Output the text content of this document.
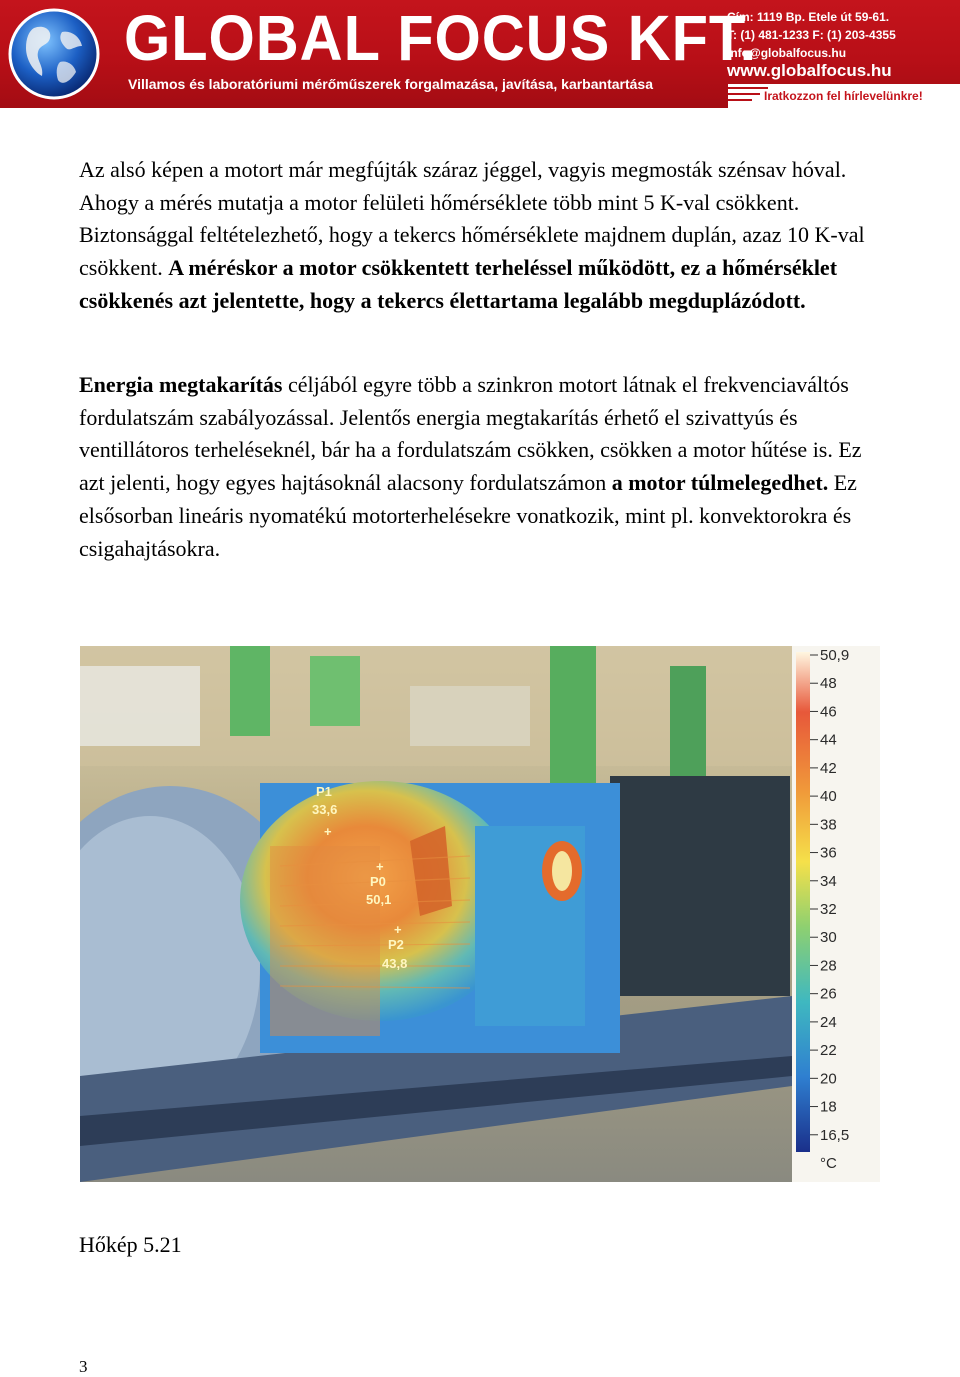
GLOBAL FOCUS KFT.
Villamos és laboratóriumi mérőműszerek forgalmazása, javítása, karbantartása
Cím: 1119 Bp. Etele út 59-61.
T: (1) 481-1233 F: (1) 203-4355
info@globalfocus.hu
www.globalfocus.hu
Iratkozzon fel hírlevelünkre!
Az alsó képen a motort már megfújták száraz jéggel, vagyis megmosták szénsav hóval. Ahogy a mérés mutatja a motor felületi hőmérséklete több mint 5 K-val csökkent. Biztonsággal feltételezhető, hogy a tekercs hőmérséklete majdnem duplán, azaz 10 K-val csökkent. A méréskor a motor csökkentett terheléssel működött, ez a hőmérséklet csökkenés azt jelentette, hogy a tekercs élettartama legalább megduplázódott.
Energia megtakarítás céljából egyre több a szinkron motort látnak el frekvenciaváltós fordulatszám szabályozással. Jelentős energia megtakarítás érhető el szivattyús és ventillátoros terheléseknél, bár ha a fordulatszám csökken, csökken a motor hűtése is. Ez azt jelenti, hogy egyes hajtásoknál alacsony fordulatszámon a motor túlmelegedhet. Ez elsősorban lineáris nyomatékú motorterhelésekre vonatkozik, mint pl. konvektorokra és csigahajtásokra.
P1
33,6
+
+
P0
50,1
+
P2
43,8
50,9
48
46
44
42
40
38
36
34
32
30
28
26
24
22
20
18
16,5
°C
Hőkép 5.21
3
